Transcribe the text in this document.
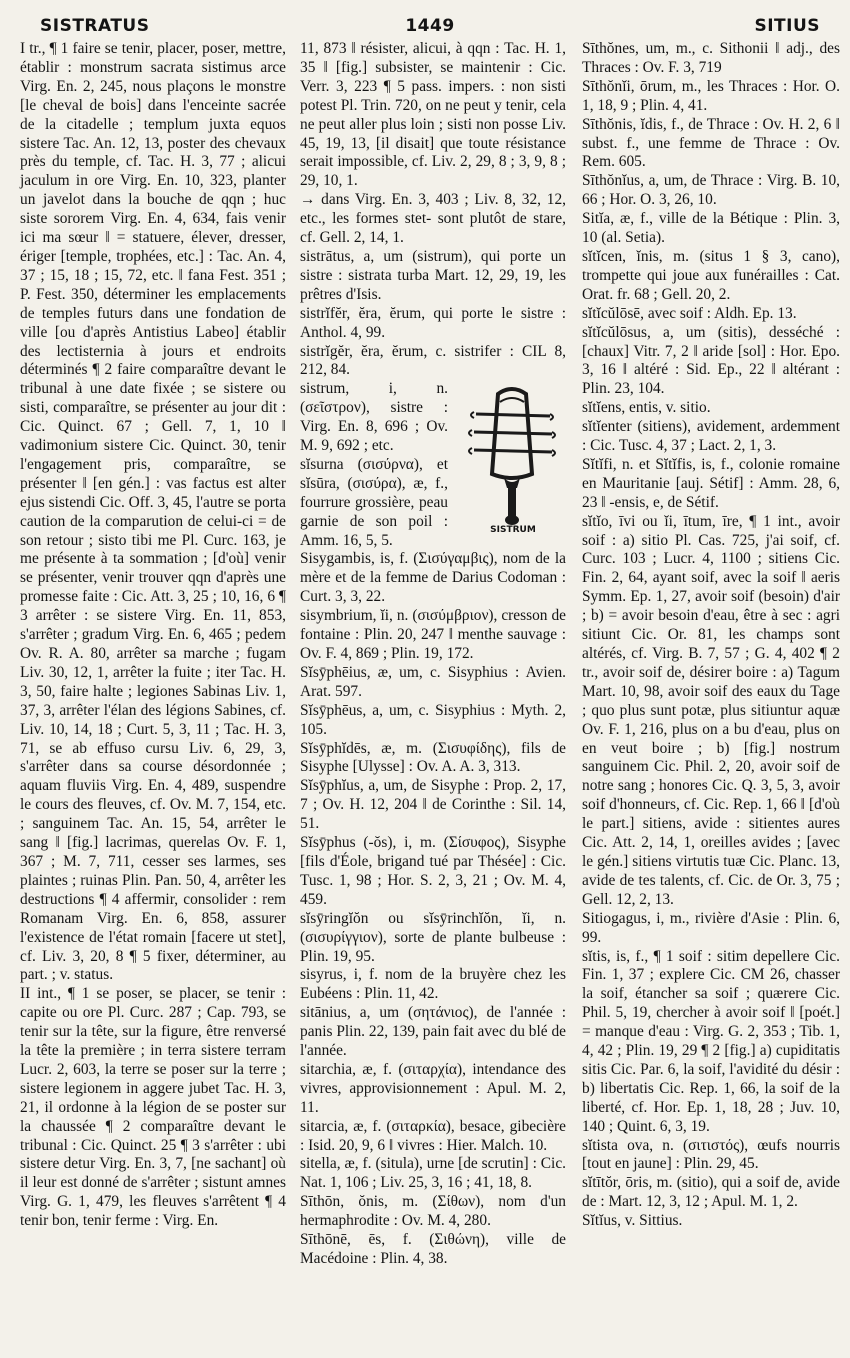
SISTRATUS	1449	SITIUS

I tr., ¶ 1 faire se tenir, placer, poser, mettre, établir : monstrum sacrata sistimus arce Virg. En. 2, 245, nous plaçons le monstre [le cheval de bois] dans l'enceinte sacrée de la citadelle ; templum juxta equos sistere Tac. An. 12, 13, poster des chevaux près du temple, cf. Tac. H. 3, 77 ; alicui jaculum in ore Virg. En. 10, 323, planter un javelot dans la bouche de qqn ; huc siste sororem Virg. En. 4, 634, fais venir ici ma sœur ‖ = statuere, élever, dresser, ériger [temple, trophées, etc.] : Tac. An. 4, 37 ; 15, 18 ; 15, 72, etc. ‖ fana Fest. 351 ; P. Fest. 350, déterminer les emplacements de temples futurs dans une fondation de ville [ou d'après Antistius Labeo] établir des lectisternia à jours et endroits déterminés ¶ 2 faire comparaître devant le tribunal à une date fixée ; se sistere ou sisti, comparaître, se présenter au jour dit : Cic. Quinct. 67 ; Gell. 7, 1, 10 ‖ vadimonium sistere Cic. Quinct. 30, tenir l'engagement pris, comparaître, se présenter ‖ [en gén.] : vas factus est alter ejus sistendi Cic. Off. 3, 45, l'autre se porta caution de la comparution de celui-ci = de son retour ; sisto tibi me Pl. Curc. 163, je me présente à ta sommation ; [d'où] venir se présenter, venir trouver qqn d'après une promesse faite : Cic. Att. 3, 25 ; 10, 16, 6 ¶ 3 arrêter : se sistere Virg. En. 11, 853, s'arrêter ; gradum Virg. En. 6, 465 ; pedem Ov. R. A. 80, arrêter sa marche ; fugam Liv. 30, 12, 1, arrêter la fuite ; iter Tac. H. 3, 50, faire halte ; legiones Sabinas Liv. 1, 37, 3, arrêter l'élan des légions Sabines, cf. Liv. 10, 14, 18 ; Curt. 5, 3, 11 ; Tac. H. 3, 71, se ab effuso cursu Liv. 6, 29, 3, s'arrêter dans sa course désordonnée ; aquam fluviis Virg. En. 4, 489, suspendre le cours des fleuves, cf. Ov. M. 7, 154, etc. ; sanguinem Tac. An. 15, 54, arrêter le sang ‖ [fig.] lacrimas, querelas Ov. F. 1, 367 ; M. 7, 711, cesser ses larmes, ses plaintes ; ruinas Plin. Pan. 50, 4, arrêter les destructions ¶ 4 affermir, consolider : rem Romanam Virg. En. 6, 858, assurer l'existence de l'état romain [facere ut stet], cf. Liv. 3, 20, 8 ¶ 5 fixer, déterminer, au part. ; v. status.

II int., ¶ 1 se poser, se placer, se tenir : capite ou ore Pl. Curc. 287 ; Cap. 793, se tenir sur la tête, sur la figure, être renversé la tête la première ; in terra sistere terram Lucr. 2, 603, la terre se poser sur la terre ; sistere legionem in aggere jubet Tac. H. 3, 21, il ordonne à la légion de se poster sur la chaussée ¶ 2 comparaître devant le tribunal : Cic. Quinct. 25 ¶ 3 s'arrêter : ubi sistere detur Virg. En. 3, 7, [ne sachant] où il leur est donné de s'arrêter ; sistunt amnes Virg. G. 1, 479, les fleuves s'arrêtent ¶ 4 tenir bon, tenir ferme : Virg. En.

11, 873 ‖ résister, alicui, à qqn : Tac. H. 1, 35 ‖ [fig.] subsister, se maintenir : Cic. Verr. 3, 223 ¶ 5 pass. impers. : non sisti potest Pl. Trin. 720, on ne peut y tenir, cela ne peut aller plus loin ; sisti non posse Liv. 45, 19, 13, [il disait] que toute résistance serait impossible, cf. Liv. 2, 29, 8 ; 3, 9, 8 ; 29, 10, 1.

→ dans Virg. En. 3, 403 ; Liv. 8, 32, 12, etc., les formes stet- sont plutôt de stare, cf. Gell. 2, 14, 1.

sistrātus, a, um (sistrum), qui porte un sistre : sistrata turba Mart. 12, 29, 19, les prêtres d'Isis.

sistrĭfĕr, ĕra, ĕrum, qui porte le sistre : Anthol. 4, 99.

sistrĭgĕr, ĕra, ĕrum, c. sistrifer : CIL 8, 212, 84.

SISTRUM

sistrum, i, n. (σεῖστρον), sistre : Virg. En. 8, 696 ; Ov. M. 9, 692 ; etc.

sĭsurna (σισύρνα), et sĭsūra, (σισύρα), æ, f., fourrure grossière, peau garnie de son poil : Amm. 16, 5, 5.

Sisygambis, is, f. (Σισύγαμβις), nom de la mère et de la femme de Darius Codoman : Curt. 3, 3, 22.

sisymbrium, ĭi, n. (σισύμβριον), cresson de fontaine : Plin. 20, 247 ‖ menthe sauvage : Ov. F. 4, 869 ; Plin. 19, 172.

Sĭsȳphēius, æ, um, c. Sisyphius : Avien. Arat. 597.

Sĭsȳphēus, a, um, c. Sisyphius : Myth. 2, 105.

Sĭsȳphĭdēs, æ, m. (Σισυφίδης), fils de Sisyphe [Ulysse] : Ov. A. A. 3, 313.

Sĭsȳphĭus, a, um, de Sisyphe : Prop. 2, 17, 7 ; Ov. H. 12, 204 ‖ de Corinthe : Sil. 14, 51.

Sĭsȳphus (-ŏs), i, m. (Σίσυφος), Sisyphe [fils d'Éole, brigand tué par Thésée] : Cic. Tusc. 1, 98 ; Hor. S. 2, 3, 21 ; Ov. M. 4, 459.

sĭsȳringĭŏn ou sĭsȳrinchĭŏn, ĭi, n. (σισυρίγγιον), sorte de plante bulbeuse : Plin. 19, 95.

sisyrus, i, f. nom de la bruyère chez les Eubéens : Plin. 11, 42.

sitānius, a, um (σητάνιος), de l'année : panis Plin. 22, 139, pain fait avec du blé de l'année.

sitarchia, æ, f. (σιταρχία), intendance des vivres, approvisionnement : Apul. M. 2, 11.

sitarcia, æ, f. (σιταρκία), besace, gibecière : Isid. 20, 9, 6 ‖ vivres : Hier. Malch. 10.

sitella, æ, f. (situla), urne [de scrutin] : Cic. Nat. 1, 106 ; Liv. 25, 3, 16 ; 41, 18, 8.

Sīthōn, ŏnis, m. (Σίθων), nom d'un hermaphrodite : Ov. M. 4, 280.

Sīthōnē, ēs, f. (Σιθώνη), ville de Macédoine : Plin. 4, 38.

Sīthŏnes, um, m., c. Sithonii ‖ adj., des Thraces : Ov. F. 3, 719

Sīthŏnĭi, ōrum, m., les Thraces : Hor. O. 1, 18, 9 ; Plin. 4, 41.

Sīthŏnis, ĭdis, f., de Thrace : Ov. H. 2, 6 ‖ subst. f., une femme de Thrace : Ov. Rem. 605.

Sīthŏnĭus, a, um, de Thrace : Virg. B. 10, 66 ; Hor. O. 3, 26, 10.

Sitĭa, æ, f., ville de la Bétique : Plin. 3, 10 (al. Setia).

sĭtĭcen, ĭnis, m. (situs 1 § 3, cano), trompette qui joue aux funérailles : Cat. Orat. fr. 68 ; Gell. 20, 2.

sĭtĭcŭlōsē, avec soif : Aldh. Ep. 13.

sĭtĭcŭlōsus, a, um (sitis), desséché : [chaux] Vitr. 7, 2 ‖ aride [sol] : Hor. Epo. 3, 16 ‖ altéré : Sid. Ep., 22 ‖ altérant : Plin. 23, 104.

sĭtĭens, entis, v. sitio.

sĭtĭenter (sitiens), avidement, ardemment : Cic. Tusc. 4, 37 ; Lact. 2, 1, 3.

Sĭtĭfi, n. et Sĭtĭfis, is, f., colonie romaine en Mauritanie [auj. Sétif] : Amm. 28, 6, 23 ‖ -ensis, e, de Sétif.

sĭtĭo, īvi ou ĭi, ītum, īre, ¶ 1 int., avoir soif : a) sitio Pl. Cas. 725, j'ai soif, cf. Curc. 103 ; Lucr. 4, 1100 ; sitiens Cic. Fin. 2, 64, ayant soif, avec la soif ‖ aeris Symm. Ep. 1, 27, avoir soif (besoin) d'air ; b) = avoir besoin d'eau, être à sec : agri sitiunt Cic. Or. 81, les champs sont altérés, cf. Virg. B. 7, 57 ; G. 4, 402 ¶ 2 tr., avoir soif de, désirer boire : a) Tagum Mart. 10, 98, avoir soif des eaux du Tage ; quo plus sunt potæ, plus sitiuntur aquæ Ov. F. 1, 216, plus on a bu d'eau, plus on en veut boire ; b) [fig.] nostrum sanguinem Cic. Phil. 2, 20, avoir soif de notre sang ; honores Cic. Q. 3, 5, 3, avoir soif d'honneurs, cf. Cic. Rep. 1, 66 ‖ [d'où le part.] sitiens, avide : sitientes aures Cic. Att. 2, 14, 1, oreilles avides ; [avec le gén.] sitiens virtutis tuæ Cic. Planc. 13, avide de tes talents, cf. Cic. de Or. 3, 75 ; Gell. 12, 2, 13.

Sitiogagus, i, m., rivière d'Asie : Plin. 6, 99.

sĭtis, is, f., ¶ 1 soif : sitim depellere Cic. Fin. 1, 37 ; explere Cic. CM 26, chasser la soif, étancher sa soif ; quærere Cic. Phil. 5, 19, chercher à avoir soif ‖ [poét.] = manque d'eau : Virg. G. 2, 353 ; Tib. 1, 4, 42 ; Plin. 19, 29 ¶ 2 [fig.] a) cupiditatis sitis Cic. Par. 6, la soif, l'avidité du désir : b) libertatis Cic. Rep. 1, 66, la soif de la liberté, cf. Hor. Ep. 1, 18, 28 ; Juv. 10, 140 ; Quint. 6, 3, 19.

sĭtista ova, n. (σιτιστός), œufs nourris [tout en jaune] : Plin. 29, 45.

sĭtītŏr, ōris, m. (sitio), qui a soif de, avide de : Mart. 12, 3, 12 ; Apul. M. 1, 2.

Sĭtĭus, v. Sittius.
